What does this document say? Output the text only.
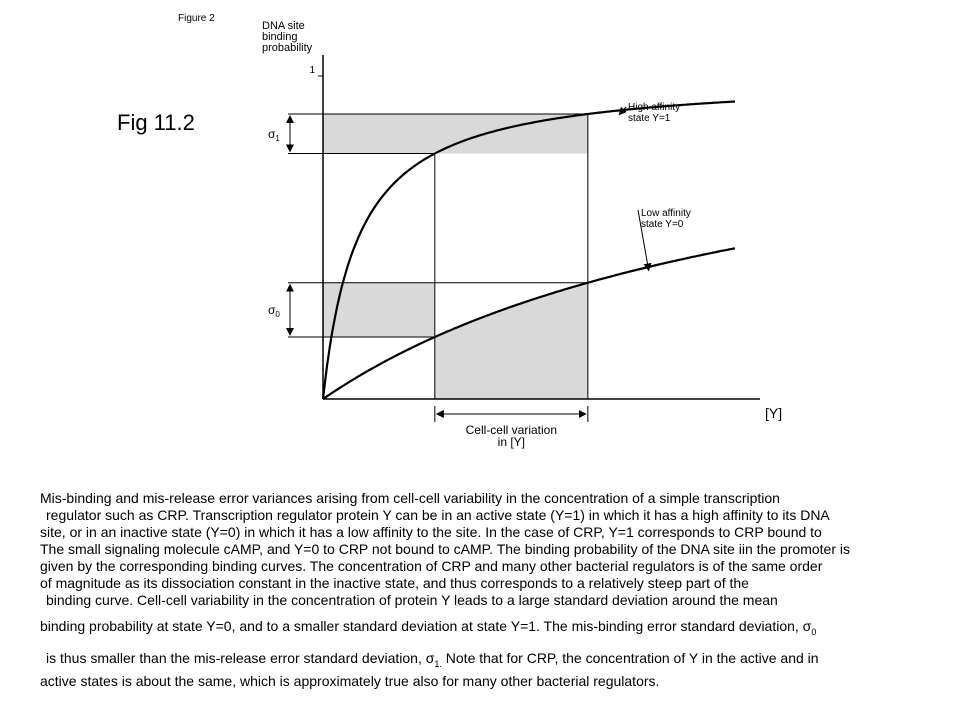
Figure 2
Fig 11.2
1
DNA site
binding
probability
[Y]
High affinity
state Y=1
Low affinity
state Y=0
$\sigma_1$
$\sigma_0$
Cell-cell variation
in [Y]
Mis-binding and mis-release error variances arising from cell-cell variability in the concentration of a simple transcription
regulator such as CRP. Transcription regulator protein Y can be in an active state (Y=1) in which it has a high affinity to its DNA
site, or in an inactive state (Y=0) in which it has a low affinity to the site. In the case of CRP, Y=1 corresponds to CRP bound to
The small signaling molecule cAMP, and Y=0 to CRP not bound to cAMP. The binding probability of the DNA site iin the promoter is
given by the corresponding binding curves. The concentration of CRP and many other bacterial regulators is of the same order
of magnitude as its dissociation constant in the inactive state, and thus corresponds to a relatively steep part of the
binding curve. Cell-cell variability in the concentration of protein Y leads to a large standard deviation around the mean
binding probability at state Y=0, and to a smaller standard deviation at state Y=1. The mis-binding error standard deviation, $\sigma_0$
is thus smaller than the mis-release error standard deviation, $\sigma_{1.}$ Note that for CRP, the concentration of Y in the active and in
active states is about the same, which is approximately true also for many other bacterial regulators.
